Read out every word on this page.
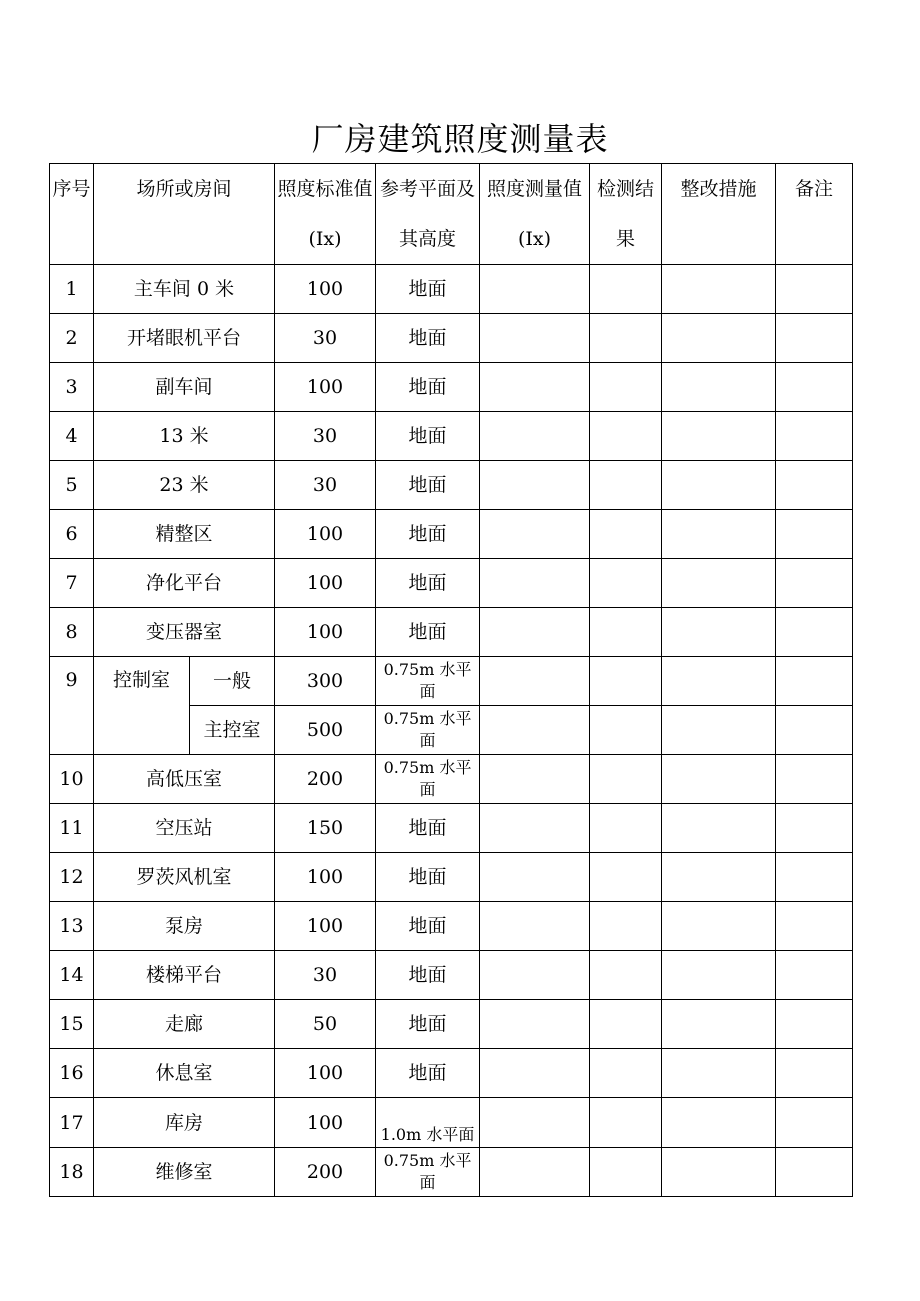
厂房建筑照度测量表
序号	场所或房间		照度标准值(Ix)	参考平面及其高度	照度测量值(Ix)	检测结果	整改措施	备注
1	主车间 0 米		100	地面				
2	开堵眼机平台		30	地面				
3	副车间		100	地面				
4	13 米		30	地面				
5	23 米		30	地面				
6	精整区		100	地面				
7	净化平台		100	地面				
8	变压器室		100	地面				
9	控制室	一般	300	0.75m 水平面				
		主控室	500	0.75m 水平面				
10	高低压室		200	0.75m 水平面				
11	空压站		150	地面				
12	罗茨风机室		100	地面				
13	泵房		100	地面				
14	楼梯平台		30	地面				
15	走廊		50	地面				
16	休息室		100	地面				
17	库房		100	1.0m 水平面				
18	维修室		200	0.75m 水平面				
